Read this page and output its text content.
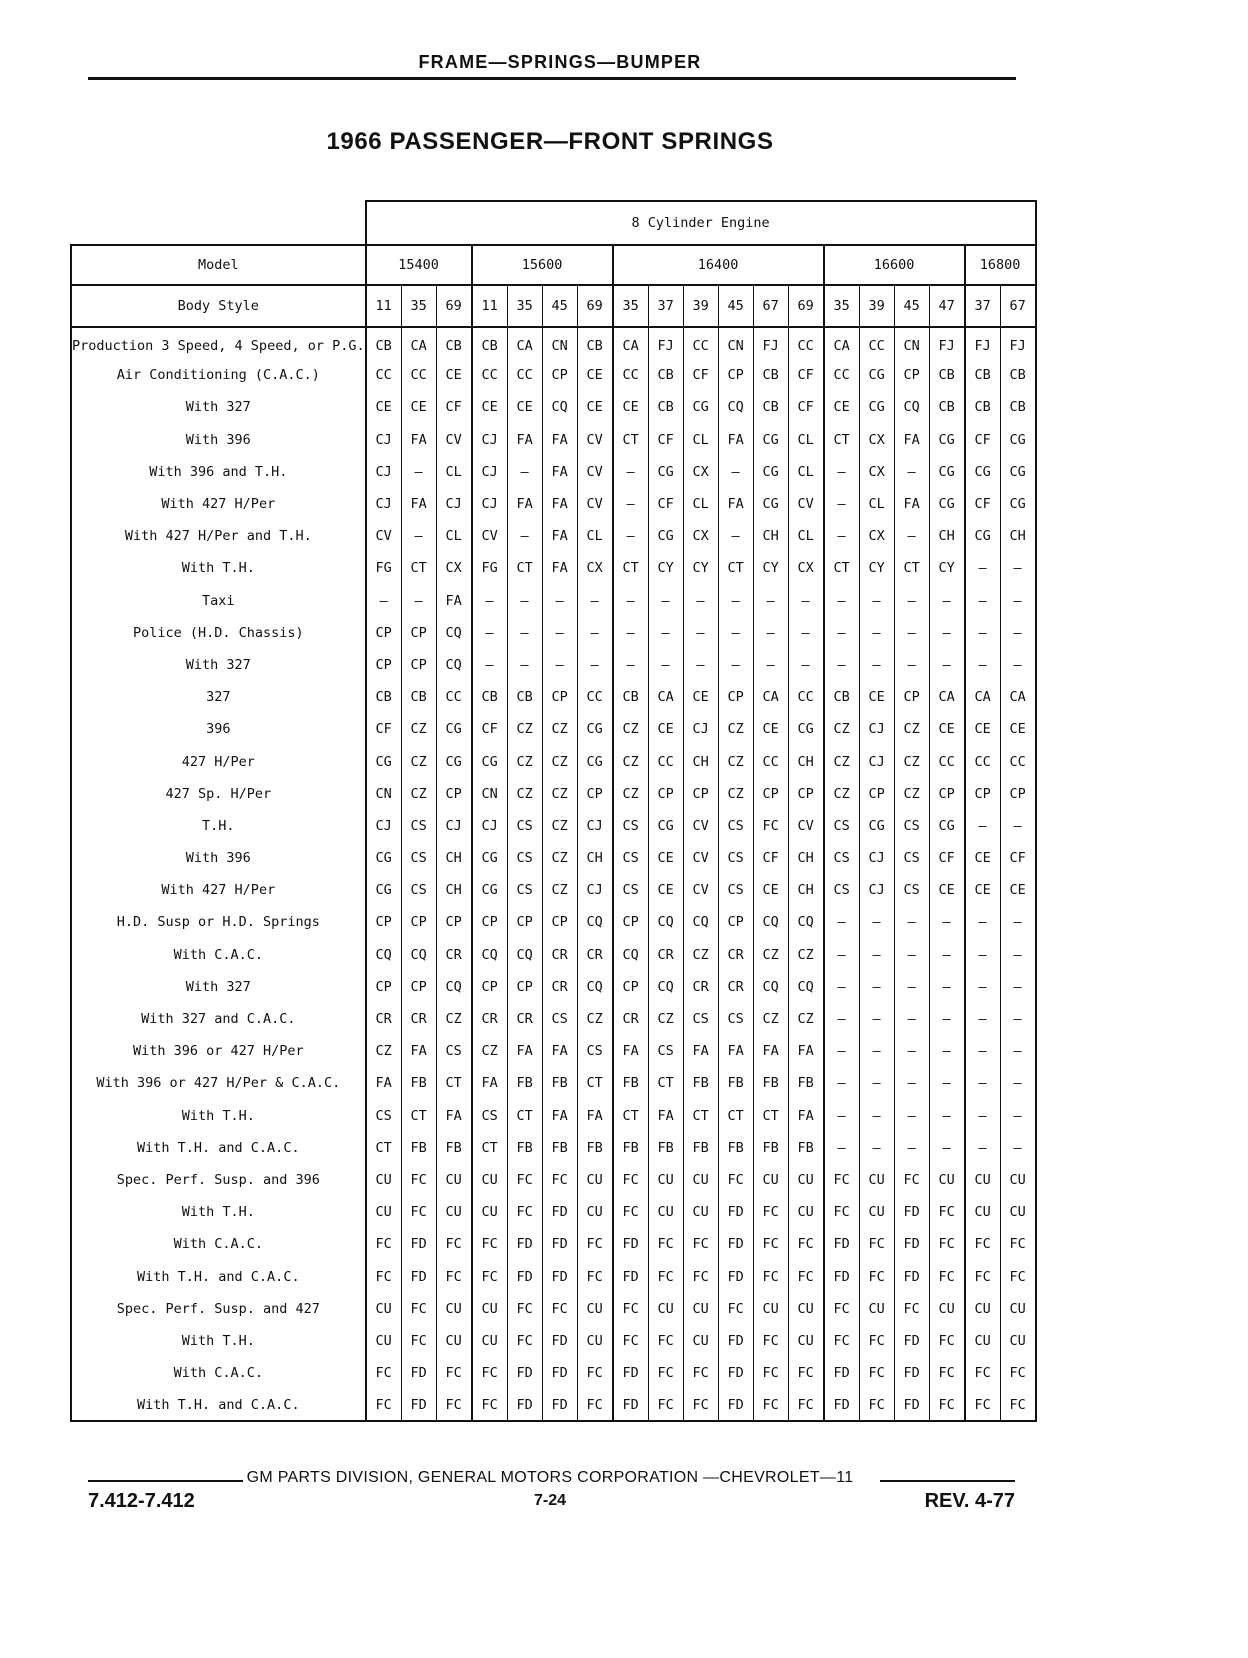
FRAME—SPRINGS—BUMPER
1966 PASSENGER—FRONT SPRINGS
	8 Cylinder Engine																		
Model	15400			15600				16400						16600				16800	
Body Style	11	35	69	11	35	45	69	35	37	39	45	67	69	35	39	45	47	37	67
Production 3 Speed, 4 Speed, or P.G.	CB	CA	CB	CB	CA	CN	CB	CA	FJ	CC	CN	FJ	CC	CA	CC	CN	FJ	FJ	FJ
Air Conditioning (C.A.C.)	CC	CC	CE	CC	CC	CP	CE	CC	CB	CF	CP	CB	CF	CC	CG	CP	CB	CB	CB
With 327	CE	CE	CF	CE	CE	CQ	CE	CE	CB	CG	CQ	CB	CF	CE	CG	CQ	CB	CB	CB
With 396	CJ	FA	CV	CJ	FA	FA	CV	CT	CF	CL	FA	CG	CL	CT	CX	FA	CG	CF	CG
With 396 and T.H.	CJ	—	CL	CJ	—	FA	CV	—	CG	CX	—	CG	CL	—	CX	—	CG	CG	CG
With 427 H/Per	CJ	FA	CJ	CJ	FA	FA	CV	—	CF	CL	FA	CG	CV	—	CL	FA	CG	CF	CG
With 427 H/Per and T.H.	CV	—	CL	CV	—	FA	CL	—	CG	CX	—	CH	CL	—	CX	—	CH	CG	CH
With T.H.	FG	CT	CX	FG	CT	FA	CX	CT	CY	CY	CT	CY	CX	CT	CY	CT	CY	—	—
Taxi	—	—	FA	—	—	—	—	—	—	—	—	—	—	—	—	—	—	—	—
Police (H.D. Chassis)	CP	CP	CQ	—	—	—	—	—	—	—	—	—	—	—	—	—	—	—	—
With 327	CP	CP	CQ	—	—	—	—	—	—	—	—	—	—	—	—	—	—	—	—
327	CB	CB	CC	CB	CB	CP	CC	CB	CA	CE	CP	CA	CC	CB	CE	CP	CA	CA	CA
396	CF	CZ	CG	CF	CZ	CZ	CG	CZ	CE	CJ	CZ	CE	CG	CZ	CJ	CZ	CE	CE	CE
427 H/Per	CG	CZ	CG	CG	CZ	CZ	CG	CZ	CC	CH	CZ	CC	CH	CZ	CJ	CZ	CC	CC	CC
427 Sp. H/Per	CN	CZ	CP	CN	CZ	CZ	CP	CZ	CP	CP	CZ	CP	CP	CZ	CP	CZ	CP	CP	CP
T.H.	CJ	CS	CJ	CJ	CS	CZ	CJ	CS	CG	CV	CS	FC	CV	CS	CG	CS	CG	—	—
With 396	CG	CS	CH	CG	CS	CZ	CH	CS	CE	CV	CS	CF	CH	CS	CJ	CS	CF	CE	CF
With 427 H/Per	CG	CS	CH	CG	CS	CZ	CJ	CS	CE	CV	CS	CE	CH	CS	CJ	CS	CE	CE	CE
H.D. Susp or H.D. Springs	CP	CP	CP	CP	CP	CP	CQ	CP	CQ	CQ	CP	CQ	CQ	—	—	—	—	—	—
With C.A.C.	CQ	CQ	CR	CQ	CQ	CR	CR	CQ	CR	CZ	CR	CZ	CZ	—	—	—	—	—	—
With 327	CP	CP	CQ	CP	CP	CR	CQ	CP	CQ	CR	CR	CQ	CQ	—	—	—	—	—	—
With 327 and C.A.C.	CR	CR	CZ	CR	CR	CS	CZ	CR	CZ	CS	CS	CZ	CZ	—	—	—	—	—	—
With 396 or 427 H/Per	CZ	FA	CS	CZ	FA	FA	CS	FA	CS	FA	FA	FA	FA	—	—	—	—	—	—
With 396 or 427 H/Per & C.A.C.	FA	FB	CT	FA	FB	FB	CT	FB	CT	FB	FB	FB	FB	—	—	—	—	—	—
With T.H.	CS	CT	FA	CS	CT	FA	FA	CT	FA	CT	CT	CT	FA	—	—	—	—	—	—
With T.H. and C.A.C.	CT	FB	FB	CT	FB	FB	FB	FB	FB	FB	FB	FB	FB	—	—	—	—	—	—
Spec. Perf. Susp. and 396	CU	FC	CU	CU	FC	FC	CU	FC	CU	CU	FC	CU	CU	FC	CU	FC	CU	CU	CU
With T.H.	CU	FC	CU	CU	FC	FD	CU	FC	CU	CU	FD	FC	CU	FC	CU	FD	FC	CU	CU
With C.A.C.	FC	FD	FC	FC	FD	FD	FC	FD	FC	FC	FD	FC	FC	FD	FC	FD	FC	FC	FC
With T.H. and C.A.C.	FC	FD	FC	FC	FD	FD	FC	FD	FC	FC	FD	FC	FC	FD	FC	FD	FC	FC	FC
Spec. Perf. Susp. and 427	CU	FC	CU	CU	FC	FC	CU	FC	CU	CU	FC	CU	CU	FC	CU	FC	CU	CU	CU
With T.H.	CU	FC	CU	CU	FC	FD	CU	FC	FC	CU	FD	FC	CU	FC	FC	FD	FC	CU	CU
With C.A.C.	FC	FD	FC	FC	FD	FD	FC	FD	FC	FC	FD	FC	FC	FD	FC	FD	FC	FC	FC
With T.H. and C.A.C.	FC	FD	FC	FC	FD	FD	FC	FD	FC	FC	FD	FC	FC	FD	FC	FD	FC	FC	FC
GM PARTS DIVISION, GENERAL MOTORS CORPORATION —CHEVROLET—11
7.412-7.412	7-24	REV. 4-77
